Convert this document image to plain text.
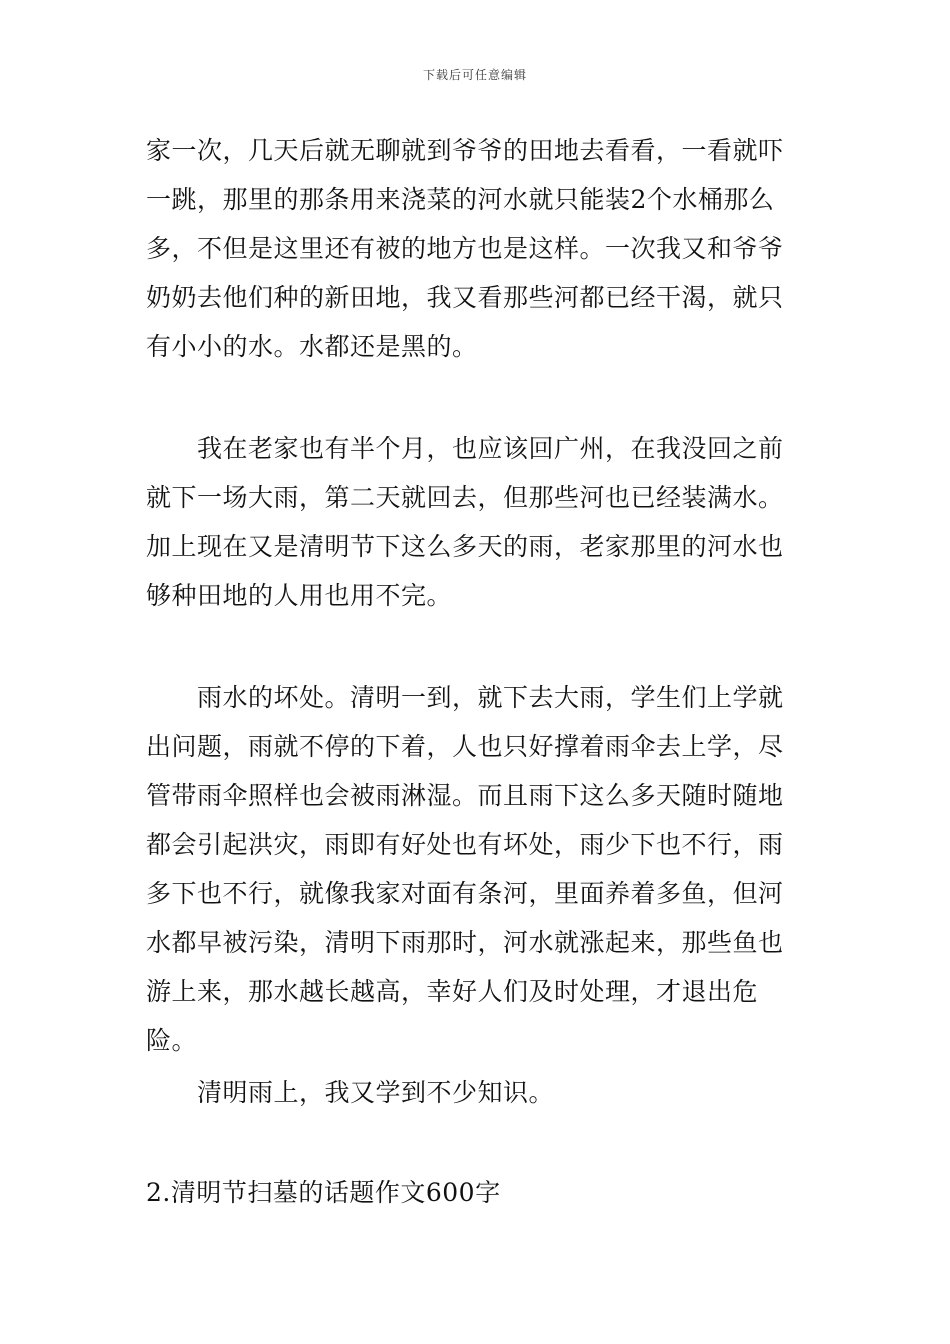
下载后可任意编辑

家一次，几天后就无聊就到爷爷的田地去看看，一看就吓一跳，那里的那条用来浇菜的河水就只能装2个水桶那么多，不但是这里还有被的地方也是这样。一次我又和爷爷奶奶去他们种的新田地，我又看那些河都已经干渴，就只有小小的水。水都还是黑的。

　　我在老家也有半个月，也应该回广州，在我没回之前就下一场大雨，第二天就回去，但那些河也已经装满水。加上现在又是清明节下这么多天的雨，老家那里的河水也够种田地的人用也用不完。

　　雨水的坏处。清明一到，就下去大雨，学生们上学就出问题，雨就不停的下着，人也只好撑着雨伞去上学，尽管带雨伞照样也会被雨淋湿。而且雨下这么多天随时随地都会引起洪灾，雨即有好处也有坏处，雨少下也不行，雨多下也不行，就像我家对面有条河，里面养着多鱼，但河水都早被污染，清明下雨那时，河水就涨起来，那些鱼也游上来，那水越长越高，幸好人们及时处理，才退出危险。

　　清明雨上，我又学到不少知识。

2.清明节扫墓的话题作文600字
